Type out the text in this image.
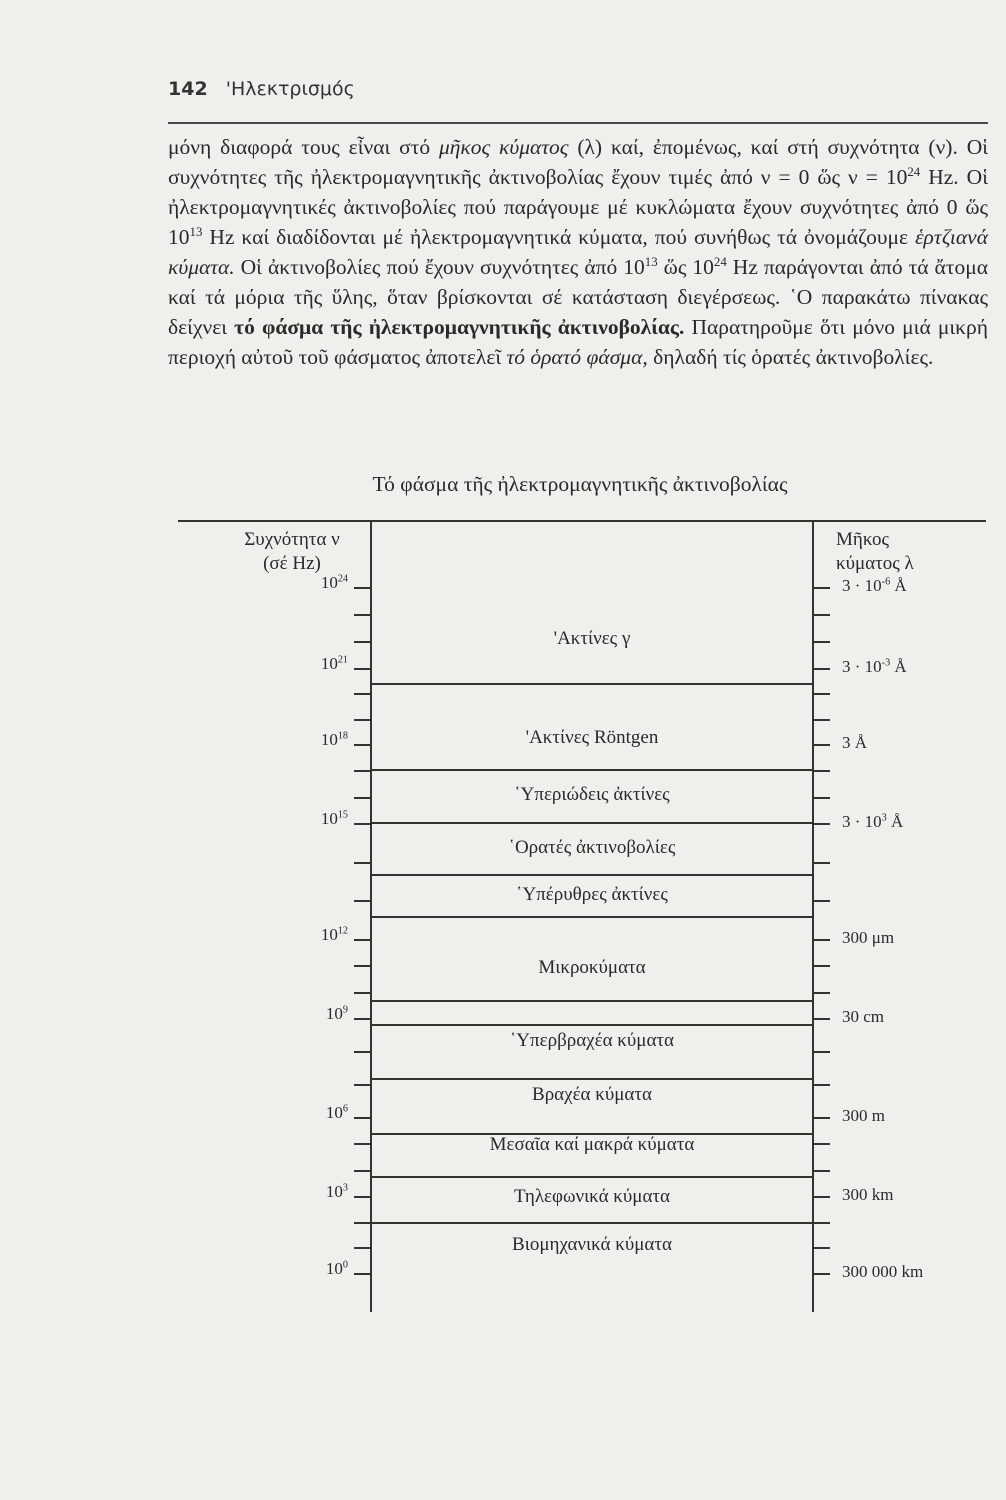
142 'Ηλεκτρισμός

μόνη διαφορά τους εἶναι στό μῆκος κύματος (λ) καί, ἐπομένως, καί στή συχνότητα (ν). Οἱ συχνότητες τῆς ἠλεκτρομαγνητικῆς ἀκτινοβολίας ἔχουν τιμές ἀπό ν = 0 ὥς $\nu = 10^{24}$ Hz. Οἱ ἠλεκτρομαγνητικές ἀκτινοβολίες πού παράγουμε μέ κυκλώματα ἔχουν συχνότητες ἀπό 0 ὥς $10^{13}$ Hz καί διαδίδονται μέ ἠλεκτρομαγνητικά κύματα, πού συνήθως τά ὀνομάζουμε ἑρτζιανά κύματα. Οἱ ἀκτινοβολίες πού ἔχουν συχνότητες ἀπό $10^{13}$ ὥς $10^{24}$ Hz παράγονται ἀπό τά ἄτομα καί τά μόρια τῆς ὕλης, ὅταν βρίσκονται σέ κατάσταση διεγέρσεως. ῾Ο παρακάτω πίνακας δείχνει τό φάσμα τῆς ἠλεκτρομαγνητικῆς ἀκτινοβολίας. Παρατηροῦμε ὅτι μόνο μιά μικρή περιοχή αὐτοῦ τοῦ φάσματος ἀποτελεῖ τό ὁρατό φάσμα, δηλαδή τίς ὁρατές ἀκτινοβολίες.

Τό φάσμα τῆς ἠλεκτρομαγνητικῆς ἀκτινοβολίας
Συχνότητα ν
(σέ Hz)
Μῆκος
κύματος λ
$10^{24}$
$10^{21}$
$10^{18}$
$10^{15}$
$10^{12}$
$10^9$
$10^6$
$10^3$
$10^0$
$3 \cdot 10^{-6}$ Å
$3 \cdot 10^{-3}$ Å
3 Å
$3 \cdot 10^3$ Å
300 μm
30 cm
300 m
300 km
300 000 km
'Ακτίνες γ
'Ακτίνες Röntgen
῾Υπεριώδεις ἀκτίνες
῾Ορατές ἀκτινοβολίες
῾Υπέρυθρες ἀκτίνες
Μικροκύματα
῾Υπερβραχέα κύματα
Βραχέα κύματα
Μεσαῖα καί μακρά κύματα
Τηλεφωνικά κύματα
Βιομηχανικά κύματα
